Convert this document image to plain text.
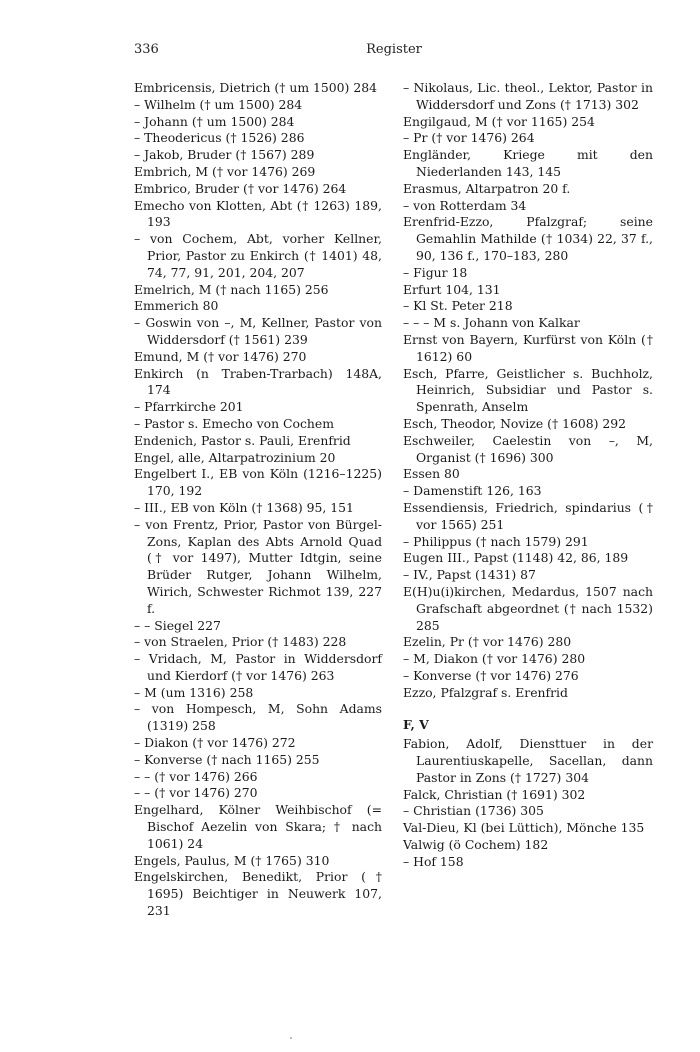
336	Register

Embricensis, Dietrich († um 1500) 284

– Wilhelm († um 1500) 284

– Johann († um 1500) 284

– Theodericus († 1526) 286

– Jakob, Bruder († 1567) 289

Embrich, M († vor 1476) 269

Embrico, Bruder († vor 1476) 264

Emecho von Klotten, Abt († 1263) 189, 193

– von Cochem, Abt, vorher Kellner, Prior, Pastor zu Enkirch († 1401) 48, 74, 77, 91, 201, 204, 207

Emelrich, M († nach 1165) 256

Emmerich 80

– Goswin von –, M, Kellner, Pastor von Widdersdorf († 1561) 239

Emund, M († vor 1476) 270

Enkirch (n Traben-Trarbach) 148A, 174

– Pfarrkirche 201

– Pastor s. Emecho von Cochem

Endenich, Pastor s. Pauli, Erenfrid

Engel, alle, Altarpatrozinium 20

Engelbert I., EB von Köln (1216–1225) 170, 192

– III., EB von Köln († 1368) 95, 151

– von Frentz, Prior, Pastor von Bürgel-Zons, Kaplan des Abts Arnold Quad († vor 1497), Mutter Idtgin, seine Brüder Rutger, Johann Wilhelm, Wirich, Schwester Richmot 139, 227 f.

– – Siegel 227

– von Straelen, Prior († 1483) 228

– Vridach, M, Pastor in Widdersdorf und Kierdorf († vor 1476) 263

– M (um 1316) 258

– von Hompesch, M, Sohn Adams (1319) 258

– Diakon († vor 1476) 272

– Konverse († nach 1165) 255

– – († vor 1476) 266

– – († vor 1476) 270

Engelhard, Kölner Weihbischof (= Bischof Aezelin von Skara; † nach 1061) 24

Engels, Paulus, M († 1765) 310

Engelskirchen, Benedikt, Prior († 1695) Beichtiger in Neuwerk 107, 231

– Nikolaus, Lic. theol., Lektor, Pastor in Widdersdorf und Zons († 1713) 302

Engilgaud, M († vor 1165) 254

– Pr († vor 1476) 264

Engländer, Kriege mit den Niederlanden 143, 145

Erasmus, Altarpatron 20 f.

– von Rotterdam 34

Erenfrid-Ezzo, Pfalzgraf; seine Gemahlin Mathilde († 1034) 22, 37 f., 90, 136 f., 170–183, 280

– Figur 18

Erfurt 104, 131

– Kl St. Peter 218

– – – M s. Johann von Kalkar

Ernst von Bayern, Kurfürst von Köln († 1612) 60

Esch, Pfarre, Geistlicher s. Buchholz, Heinrich, Subsidiar und Pastor s. Spenrath, Anselm

Esch, Theodor, Novize († 1608) 292

Eschweiler, Caelestin von –, M, Organist († 1696) 300

Essen 80

– Damenstift 126, 163

Essendiensis, Friedrich, spindarius († vor 1565) 251

– Philippus († nach 1579) 291

Eugen III., Papst (1148) 42, 86, 189

– IV., Papst (1431) 87

E(H)u(i)kirchen, Medardus, 1507 nach Grafschaft abgeordnet († nach 1532) 285

Ezelin, Pr († vor 1476) 280

– M, Diakon († vor 1476) 280

– Konverse († vor 1476) 276

Ezzo, Pfalzgraf s. Erenfrid

F, V

Fabion, Adolf, Diensttuer in der Laurentiuskapelle, Sacellan, dann Pastor in Zons († 1727) 304

Falck, Christian († 1691) 302

– Christian (1736) 305

Val-Dieu, Kl (bei Lüttich), Mönche 135

Valwig (ö Cochem) 182

– Hof 158
